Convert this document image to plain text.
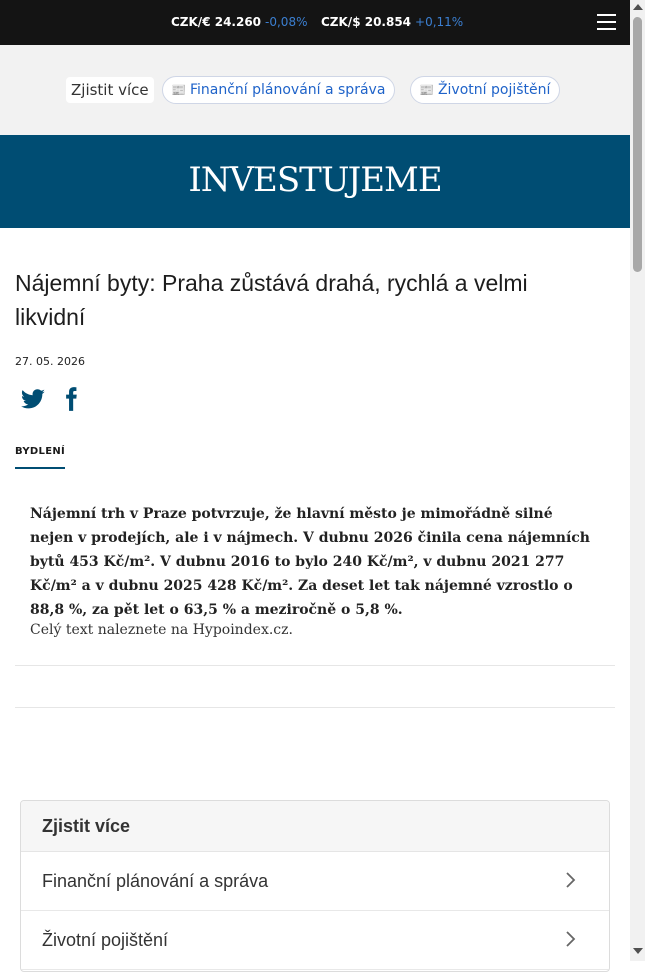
CZK/€ 24.260 -0,08% CZK/$ 20.854 +0,11%
Zjistit více	📰 Finanční plánování a správa	📰 Životní pojištění
INVESTUJEME
Nájemní byty: Praha zůstává drahá, rychlá a velmi likvidní
27. 05. 2026
BYDLENÍ

Nájemní trh v Praze potvrzuje, že hlavní město je mimořádně silné nejen v prodejích, ale i v nájmech. V dubnu 2026 činila cena nájemních bytů 453 Kč/m². V dubnu 2016 to bylo 240 Kč/m², v dubnu 2021 277 Kč/m² a v dubnu 2025 428 Kč/m². Za deset let tak nájemné vzrostlo o 88,8 %, za pět let o 63,5 % a meziročně o 5,8 %.

Celý text naleznete na Hypoindex.cz.
Zjistit více
Finanční plánování a správa
Životní pojištění
